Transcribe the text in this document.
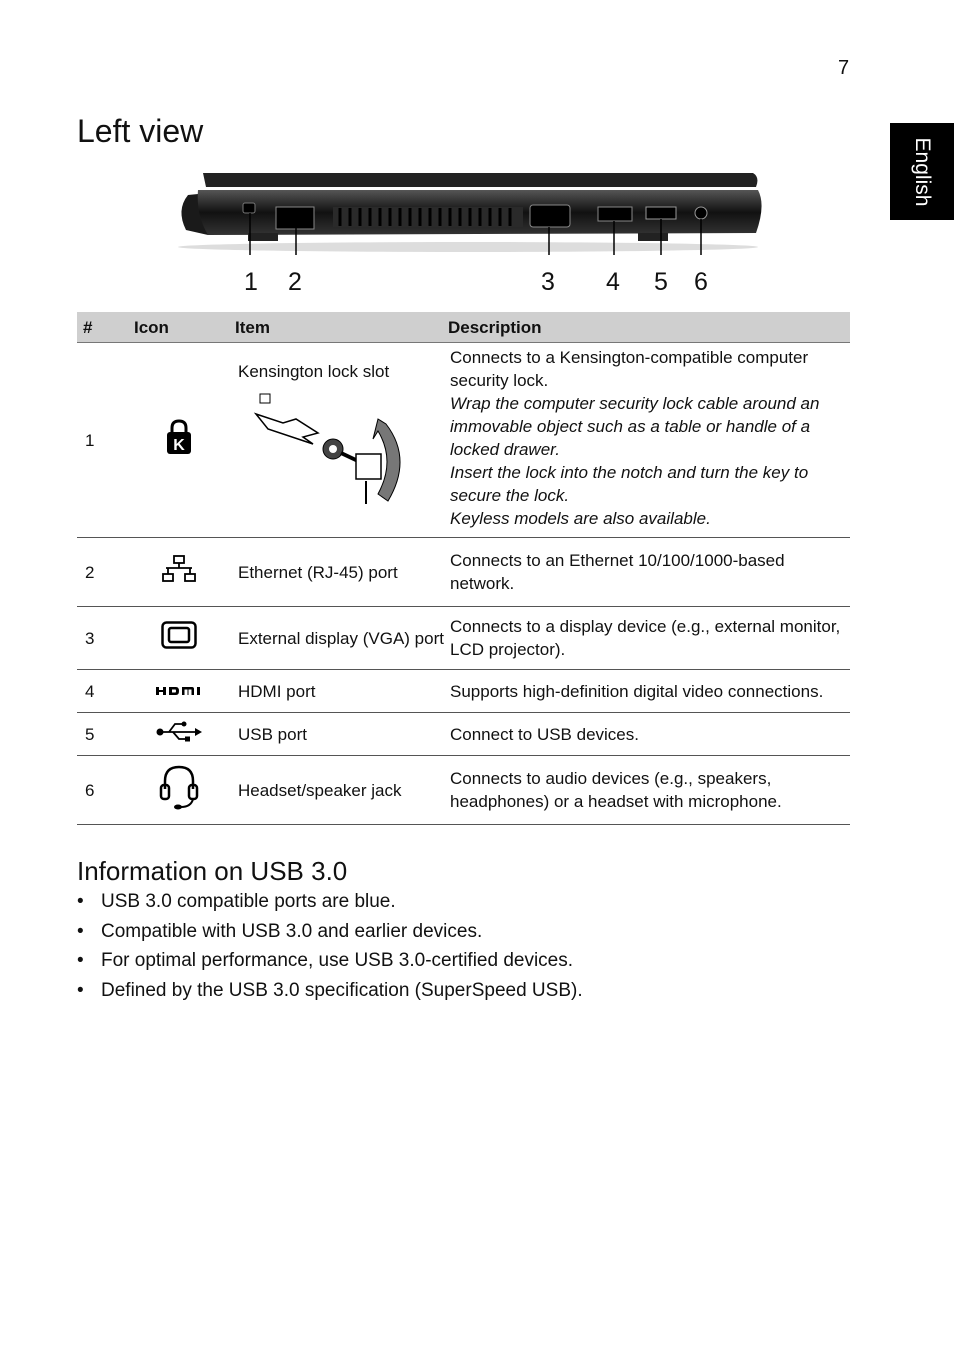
7
English
Left view
1 2	3 4 5 6
#	Icon	Item	Description
1	K	Kensington lock slot	Connects to a Kensington-compatible computer security lock.
Wrap the computer security lock cable around an immovable object such as a table or handle of a locked drawer.
Insert the lock into the notch and turn the key to secure the lock.
Keyless models are also available.

2		Ethernet (RJ-45) port	Connects to an Ethernet 10/100/1000-based network.
3		External display (VGA) port	Connects to a display device (e.g., external monitor, LCD projector).
4		HDMI port	Supports high-definition digital video connections.
5		USB port	Connect to USB devices.
6		Headset/speaker jack	Connects to audio devices (e.g., speakers, headphones) or a headset with microphone.
Information on USB 3.0
• USB 3.0 compatible ports are blue.
• Compatible with USB 3.0 and earlier devices.
• For optimal performance, use USB 3.0-certified devices.
• Defined by the USB 3.0 specification (SuperSpeed USB).
